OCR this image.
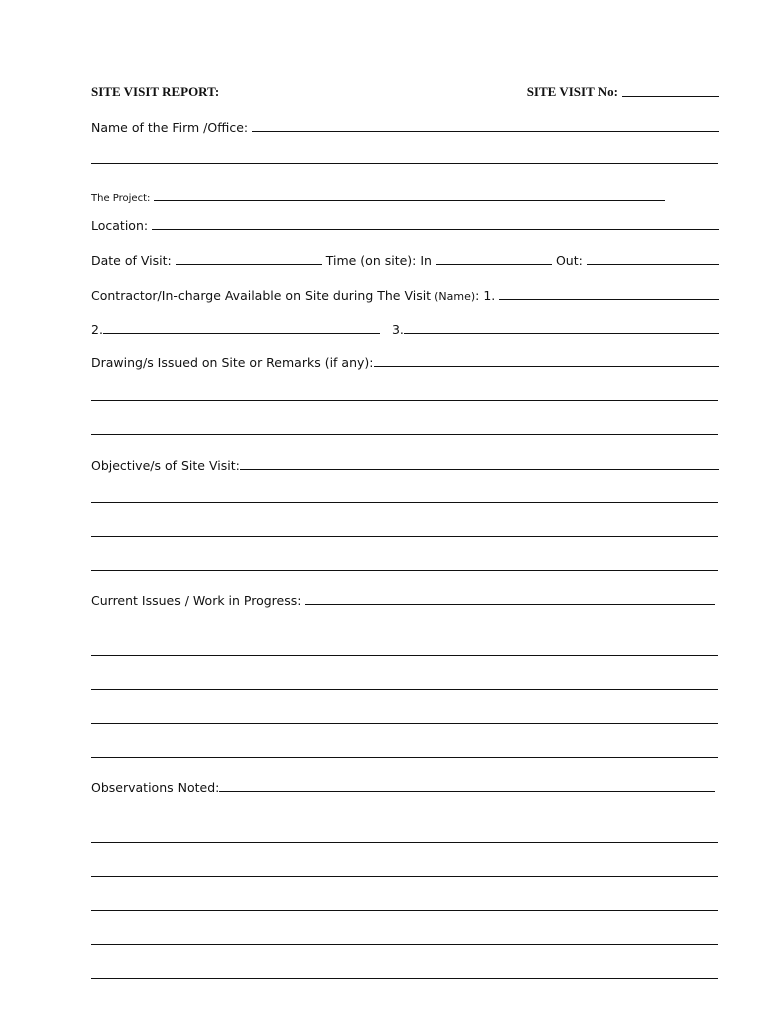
SITE VISIT REPORT:	SITE VISIT No:
Name of the Firm /Office:
The Project:
Location:
Date of Visit:	Time (on site): In	Out:
Contractor/In-charge Available on Site during The Visit (Name) : 1.
2.	3.
Drawing/s Issued on Site or Remarks (if any):
Objective/s of Site Visit:
Current Issues / Work in Progress:
Observations Noted:
